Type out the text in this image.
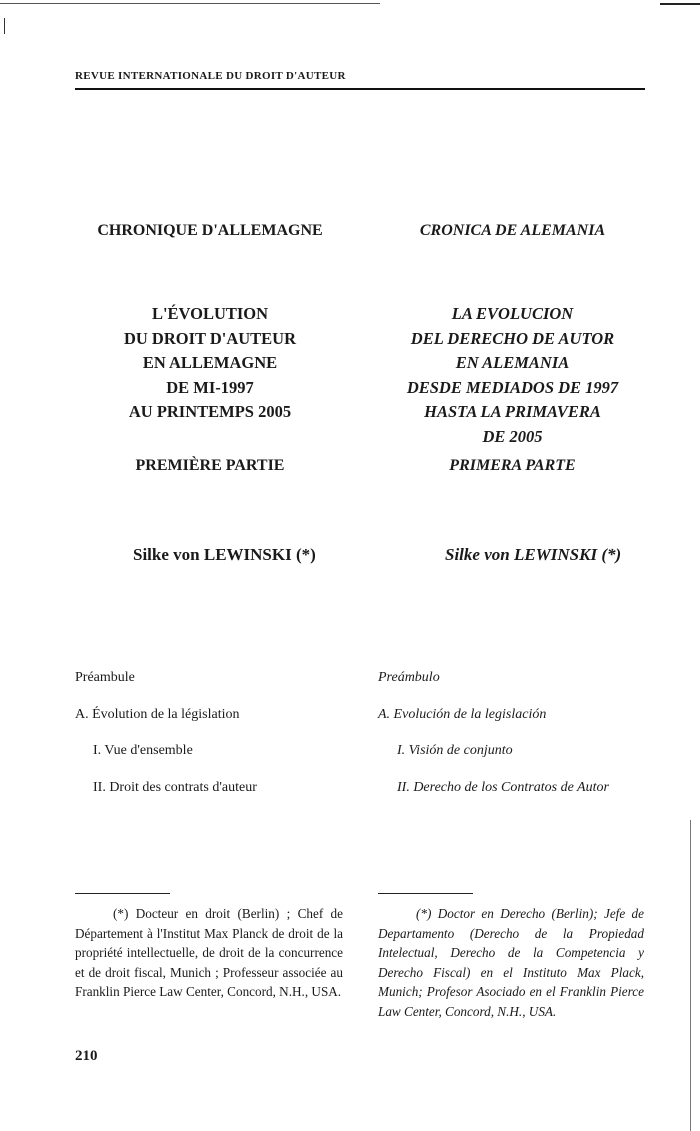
REVUE INTERNATIONALE DU DROIT D'AUTEUR
CHRONIQUE D'ALLEMAGNE	CRONICA DE ALEMANIA
L'ÉVOLUTION
DU DROIT D'AUTEUR
EN ALLEMAGNE
DE MI-1997
AU PRINTEMPS 2005
LA EVOLUCION
DEL DERECHO DE AUTOR
EN ALEMANIA
DESDE MEDIADOS DE 1997
HASTA LA PRIMAVERA
DE 2005
PREMIÈRE PARTIE	PRIMERA PARTE
Silke von LEWINSKI (*)	Silke von LEWINSKI (*)
Préambule
A. Évolution de la législation
I. Vue d'ensemble
II. Droit des contrats d'auteur
Preámbulo
A. Evolución de la legislación
I. Visión de conjunto
II. Derecho de los Contratos de Autor
(*) Docteur en droit (Berlin) ; Chef de Département à l'Institut Max Planck de droit de la propriété intellectuelle, de droit de la concurrence et de droit fiscal, Munich ; Professeur associée au Franklin Pierce Law Center, Concord, N.H., USA.
(*) Doctor en Derecho (Berlin); Jefe de Departamento (Derecho de la Propiedad Intelectual, Derecho de la Competencia y Derecho Fiscal) en el Instituto Max Plack, Munich; Profesor Asociado en el Franklin Pierce Law Center, Concord, N.H., USA.
210
